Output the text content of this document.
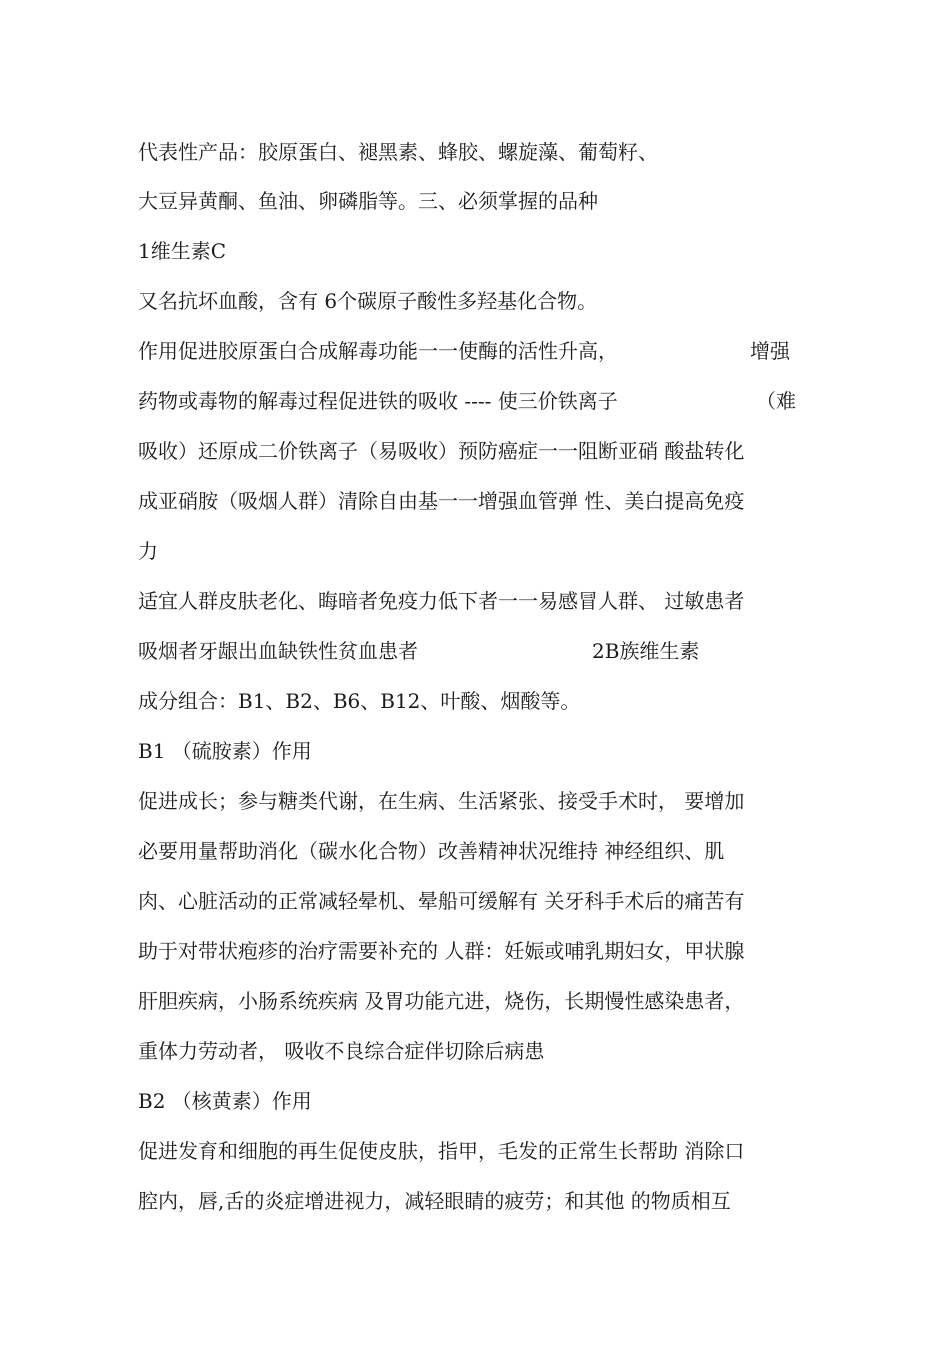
代表性产品：胶原蛋白、褪黑素、蜂胶、螺旋藻、葡萄籽、
大豆异黄酮、鱼油、卵磷脂等。三、必须掌握的品种
1维生素C
又名抗坏血酸，含有 6个碳原子酸性多羟基化合物。

作用促进胶原蛋白合成解毒功能一一使酶的活性升高，

	增强

药物或毒物的解毒过程促进铁的吸收 ---- 使三价铁离子

	（难

吸收）还原成二价铁离子（易吸收）预防癌症一一阻断亚硝 酸盐转化
成亚硝胺（吸烟人群）清除自由基一一增强血管弹 性、美白提高免疫
力
适宜人群皮肤老化、晦暗者免疫力低下者一一易感冒人群、 过敏患者

吸烟者牙龈出血缺铁性贫血患者

	2B族维生素

成分组合：B1、B2、B6、B12、叶酸、烟酸等。
B1 （硫胺素）作用
促进成长；参与糖类代谢，在生病、生活紧张、接受手术时， 要增加
必要用量帮助消化（碳水化合物）改善精神状况维持 神经组织、肌
肉、心脏活动的正常减轻晕机、晕船可缓解有 关牙科手术后的痛苦有
助于对带状疱疹的治疗需要补充的 人群：妊娠或哺乳期妇女，甲状腺
肝胆疾病，小肠系统疾病 及胃功能亢进，烧伤，长期慢性感染患者，
重体力劳动者， 吸收不良综合症伴切除后病患
B2 （核黄素）作用
促进发育和细胞的再生促使皮肤，指甲，毛发的正常生长帮助 消除口
腔内，唇,舌的炎症增进视力，减轻眼睛的疲劳；和其他 的物质相互
